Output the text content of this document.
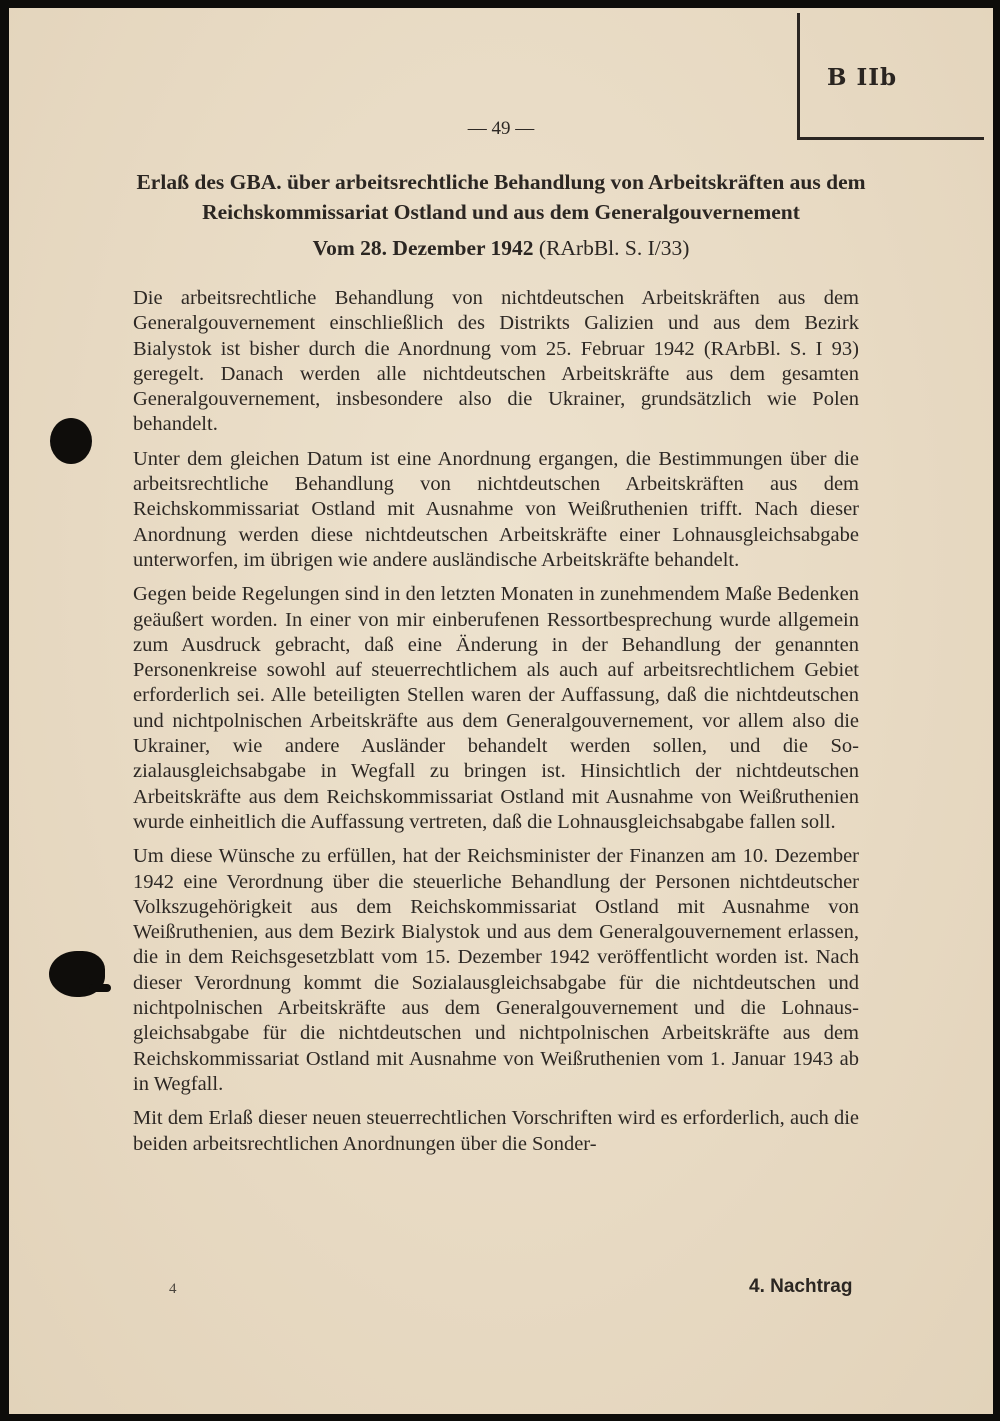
B IIb
— 49 —
Erlaß des GBA. über arbeitsrechtliche Behandlung von Arbeitskräften aus dem Reichskommissariat Ostland und aus dem Generalgouvernement
Vom 28. Dezember 1942 (RArbBl. S. I/33)

Die arbeitsrechtliche Behandlung von nichtdeutschen Arbeitskräften aus dem Generalgouvernement einschließlich des Distrikts Galizien und aus dem Bezirk Bialystok ist bisher durch die Anordnung vom 25. Februar 1942 (RArbBl. S. I 93) geregelt. Danach werden alle nichtdeutschen Arbeitskräfte aus dem gesamten Generalgouvernement, insbesondere also die Ukrainer, grundsätzlich wie Polen behandelt.

Unter dem gleichen Datum ist eine Anordnung ergangen, die Bestimmungen über die arbeitsrechtliche Behandlung von nichtdeutschen Arbeitskräften aus dem Reichskommissariat Ostland mit Ausnahme von Weißruthenien trifft. Nach dieser Anordnung werden diese nichtdeutschen Arbeitskräfte einer Lohnausgleichsabgabe unterworfen, im übrigen wie andere ausländische Arbeitskräfte behandelt.

Gegen beide Regelungen sind in den letzten Monaten in zunehmendem Maße Bedenken geäußert worden. In einer von mir einberufenen Ressortbesprechung wurde allgemein zum Ausdruck gebracht, daß eine Änderung in der Behandlung der genannten Personenkreise sowohl auf steuerrechtlichem als auch auf arbeitsrechtlichem Gebiet erforderlich sei. Alle beteiligten Stellen waren der Auffassung, daß die nichtdeutschen und nichtpolnischen Arbeitskräfte aus dem Generalgouvernement, vor allem also die Ukrainer, wie andere Ausländer behandelt werden sollen, und die Sozialausgleichsabgabe in Wegfall zu bringen ist. Hinsichtlich der nichtdeutschen Arbeitskräfte aus dem Reichskommissariat Ostland mit Ausnahme von Weißruthenien wurde einheitlich die Auffassung vertreten, daß die Lohnausgleichsabgabe fallen soll.

Um diese Wünsche zu erfüllen, hat der Reichsminister der Finanzen am 10. Dezember 1942 eine Verordnung über die steuerliche Behandlung der Personen nichtdeutscher Volkszugehörigkeit aus dem Reichskommissariat Ostland mit Ausnahme von Weißruthenien, aus dem Bezirk Bialystok und aus dem Generalgouvernement erlassen, die in dem Reichsgesetzblatt vom 15. Dezember 1942 veröffentlicht worden ist. Nach dieser Verordnung kommt die Sozialausgleichsabgabe für die nichtdeutschen und nichtpolnischen Arbeitskräfte aus dem Generalgouvernement und die Lohnausgleichsabgabe für die nichtdeutschen und nichtpolnischen Arbeitskräfte aus dem Reichskommissariat Ostland mit Ausnahme von Weißruthenien vom 1. Januar 1943 ab in Wegfall.

Mit dem Erlaß dieser neuen steuerrechtlichen Vorschriften wird es erforderlich, auch die beiden arbeitsrechtlichen Anordnungen über die Sonder-

4	4. Nachtrag
